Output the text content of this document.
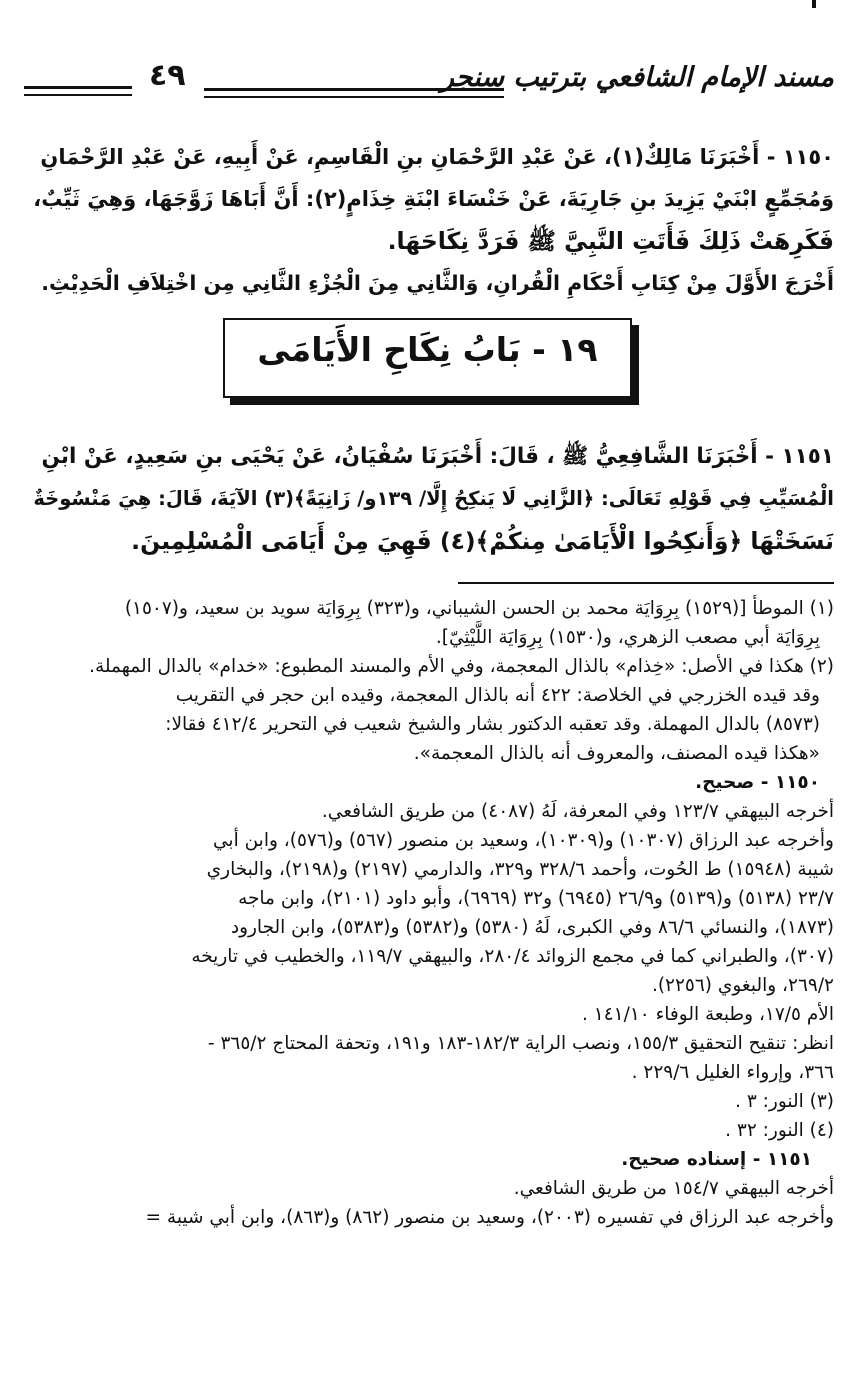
مسند الإمام الشافعي بترتيب سنجر
٤٩
١١٥٠ - أَخْبَرَنَا مَالِكٌ(١)، عَنْ عَبْدِ الرَّحْمَانِ بنِ الْقَاسِمِ، عَنْ أَبِيهِ، عَنْ عَبْدِ الرَّحْمَانِ
وَمُجَمِّعٍ ابْنَيْ يَزِيدَ بنِ جَارِيَةَ، عَنْ خَنْسَاءَ ابْنَةِ خِذَامٍ(٢): أَنَّ أَبَاهَا زَوَّجَهَا، وَهِيَ ثَيِّبٌ،
فَكَرِهَتْ ذَلِكَ فَأَتَتِ النَّبِيَّ ﷺ فَرَدَّ نِكَاحَهَا.
أَخْرَجَ الأَوَّلَ مِنْ كِتَابِ أَحْكَامِ الْقُرانِ، وَالثَّانِي مِنَ الْجُزْءِ الثَّانِي مِن اخْتِلاَفِ الْحَدِيْثِ.
١٩ - بَابُ نِكَاحِ الأَيَامَى
١١٥١ - أَخْبَرَنَا الشَّافِعِيُّ ﷺ ، قَالَ: أَخْبَرَنَا سُفْيَانُ، عَنْ يَحْيَى بنِ سَعِيدٍ، عَنْ ابْنِ
الْمُسَيِّبِ فِي قَوْلِهِ تَعَالَى: ﴿الزَّانِي لَا يَنكِحُ إِلَّا/ ١٣٩و/ زَانِيَةً﴾(٣) الآيَةَ، قَالَ: هِيَ مَنْسُوخَةٌ
نَسَخَتْهَا ﴿وَأَنكِحُوا الْأَيَامَىٰ مِنكُمْ﴾(٤) فَهِيَ مِنْ أَيَامَى الْمُسْلِمِينَ.
(١) الموطأ [(١٥٢٩) بِرِوَايَة محمد بن الحسن الشيباني، و(٣٢٣) بِرِوَايَة سويد بن سعيد، و(١٥٠٧)
بِرِوَايَة أبي مصعب الزهري، و(١٥٣٠) بِرِوَايَة اللَّيْثِيّ].
(٢) هكذا في الأصل: «خِذام» بالذال المعجمة، وفي الأم والمسند المطبوع: «خدام» بالدال المهملة.
وقد قيده الخزرجي في الخلاصة: ٤٢٢ أنه بالذال المعجمة، وقيده ابن حجر في التقريب
(٨٥٧٣) بالدال المهملة. وقد تعقبه الدكتور بشار والشيخ شعيب في التحرير ٤١٢/٤ فقالا:
«هكذا قيده المصنف، والمعروف أنه بالذال المعجمة».
١١٥٠ - صحيح.
أخرجه البيهقي ١٢٣/٧ وفي المعرفة، لَهُ (٤٠٨٧) من طريق الشافعي.
وأخرجه عبد الرزاق (١٠٣٠٧) و(١٠٣٠٩)، وسعيد بن منصور (٥٦٧) و(٥٧٦)، وابن أبي
شيبة (١٥٩٤٨) ط الحُوت، وأحمد ٣٢٨/٦ و٣٢٩، والدارمي (٢١٩٧) و(٢١٩٨)، والبخاري
٢٣/٧ (٥١٣٨) و(٥١٣٩) و٢٦/٩ (٦٩٤٥) و٣٢ (٦٩٦٩)، وأبو داود (٢١٠١)، وابن ماجه
(١٨٧٣)، والنسائي ٨٦/٦ وفي الكبرى، لَهُ (٥٣٨٠) و(٥٣٨٢) و(٥٣٨٣)، وابن الجارود
(٣٠٧)، والطبراني كما في مجمع الزوائد ٢٨٠/٤، والبيهقي ١١٩/٧، والخطيب في تاريخه
٢٦٩/٢، والبغوي (٢٢٥٦).
الأم ١٧/٥، وطبعة الوفاء ١٤١/١٠ .
انظر: تنقيح التحقيق ١٥٥/٣، ونصب الراية ١٨٢/٣-١٨٣ و١٩١، وتحفة المحتاج ٣٦٥/٢ -
٣٦٦، وإرواء الغليل ٢٢٩/٦ .
(٣) النور: ٣ .
(٤) النور: ٣٢ .
١١٥١ - إسناده صحيح.
أخرجه البيهقي ١٥٤/٧ من طريق الشافعي.
وأخرجه عبد الرزاق في تفسيره (٢٠٠٣)، وسعيد بن منصور (٨٦٢) و(٨٦٣)، وابن أبي شيبة =
